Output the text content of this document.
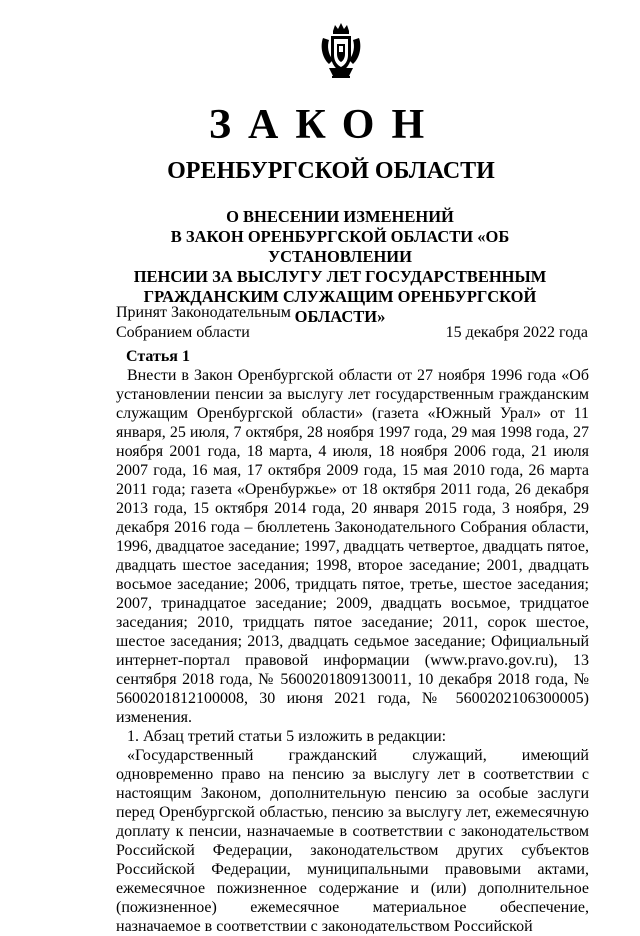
ЗАКОН
ОРЕНБУРГСКОЙ ОБЛАСТИ
О ВНЕСЕНИИ ИЗМЕНЕНИЙ
В ЗАКОН ОРЕНБУРГСКОЙ ОБЛАСТИ «ОБ УСТАНОВЛЕНИИ
ПЕНСИИ ЗА ВЫСЛУГУ ЛЕТ ГОСУДАРСТВЕННЫМ
ГРАЖДАНСКИМ СЛУЖАЩИМ ОРЕНБУРГСКОЙ ОБЛАСТИ»
Принят Законодательным
Собранием области	15 декабря 2022 года

Статья 1

Внести в Закон Оренбургской области от 27 ноября 1996 года «Об установлении пенсии за выслугу лет государственным гражданским служащим Оренбургской области» (газета «Южный Урал» от 11 января, 25 июля, 7 октября, 28 ноября 1997 года, 29 мая 1998 года, 27 ноября 2001 года, 18 марта, 4 июля, 18 ноября 2006 года, 21 июля 2007 года, 16 мая, 17 октября 2009 года, 15 мая 2010 года, 26 марта 2011 года; газета «Оренбуржье» от 18 октября 2011 года, 26 декабря 2013 года, 15 октября 2014 года, 20 января 2015 года, 3 ноября, 29 декабря 2016 года – бюллетень Законодательного Собрания области, 1996, двадцатое заседание; 1997, двадцать четвертое, двадцать пятое, двадцать шестое заседания; 1998, второе заседание; 2001, двадцать восьмое заседание; 2006, тридцать пятое, третье, шестое заседания; 2007, тринадцатое заседание; 2009, двадцать восьмое, тридцатое заседания; 2010, тридцать пятое заседание; 2011, сорок шестое, шестое заседания; 2013, двадцать седьмое заседание; Официальный интернет-портал правовой информации (www.pravo.gov.ru), 13 сентября 2018 года, № 5600201809130011, 10 декабря 2018 года, № 5600201812100008, 30 июня 2021 года, № 5600202106300005) изменения.

1. Абзац третий статьи 5 изложить в редакции:

«Государственный гражданский служащий, имеющий одновременно право на пенсию за выслугу лет в соответствии с настоящим Законом, дополнительную пенсию за особые заслуги перед Оренбургской областью, пенсию за выслугу лет, ежемесячную доплату к пенсии, назначаемые в соответствии с законодательством Российской Федерации, законодательством других субъектов Российской Федерации, муниципальными правовыми актами, ежемесячное пожизненное содержание и (или) дополнительное (пожизненное) ежемесячное материальное обеспечение, назначаемое в соответствии с законодательством Российской
